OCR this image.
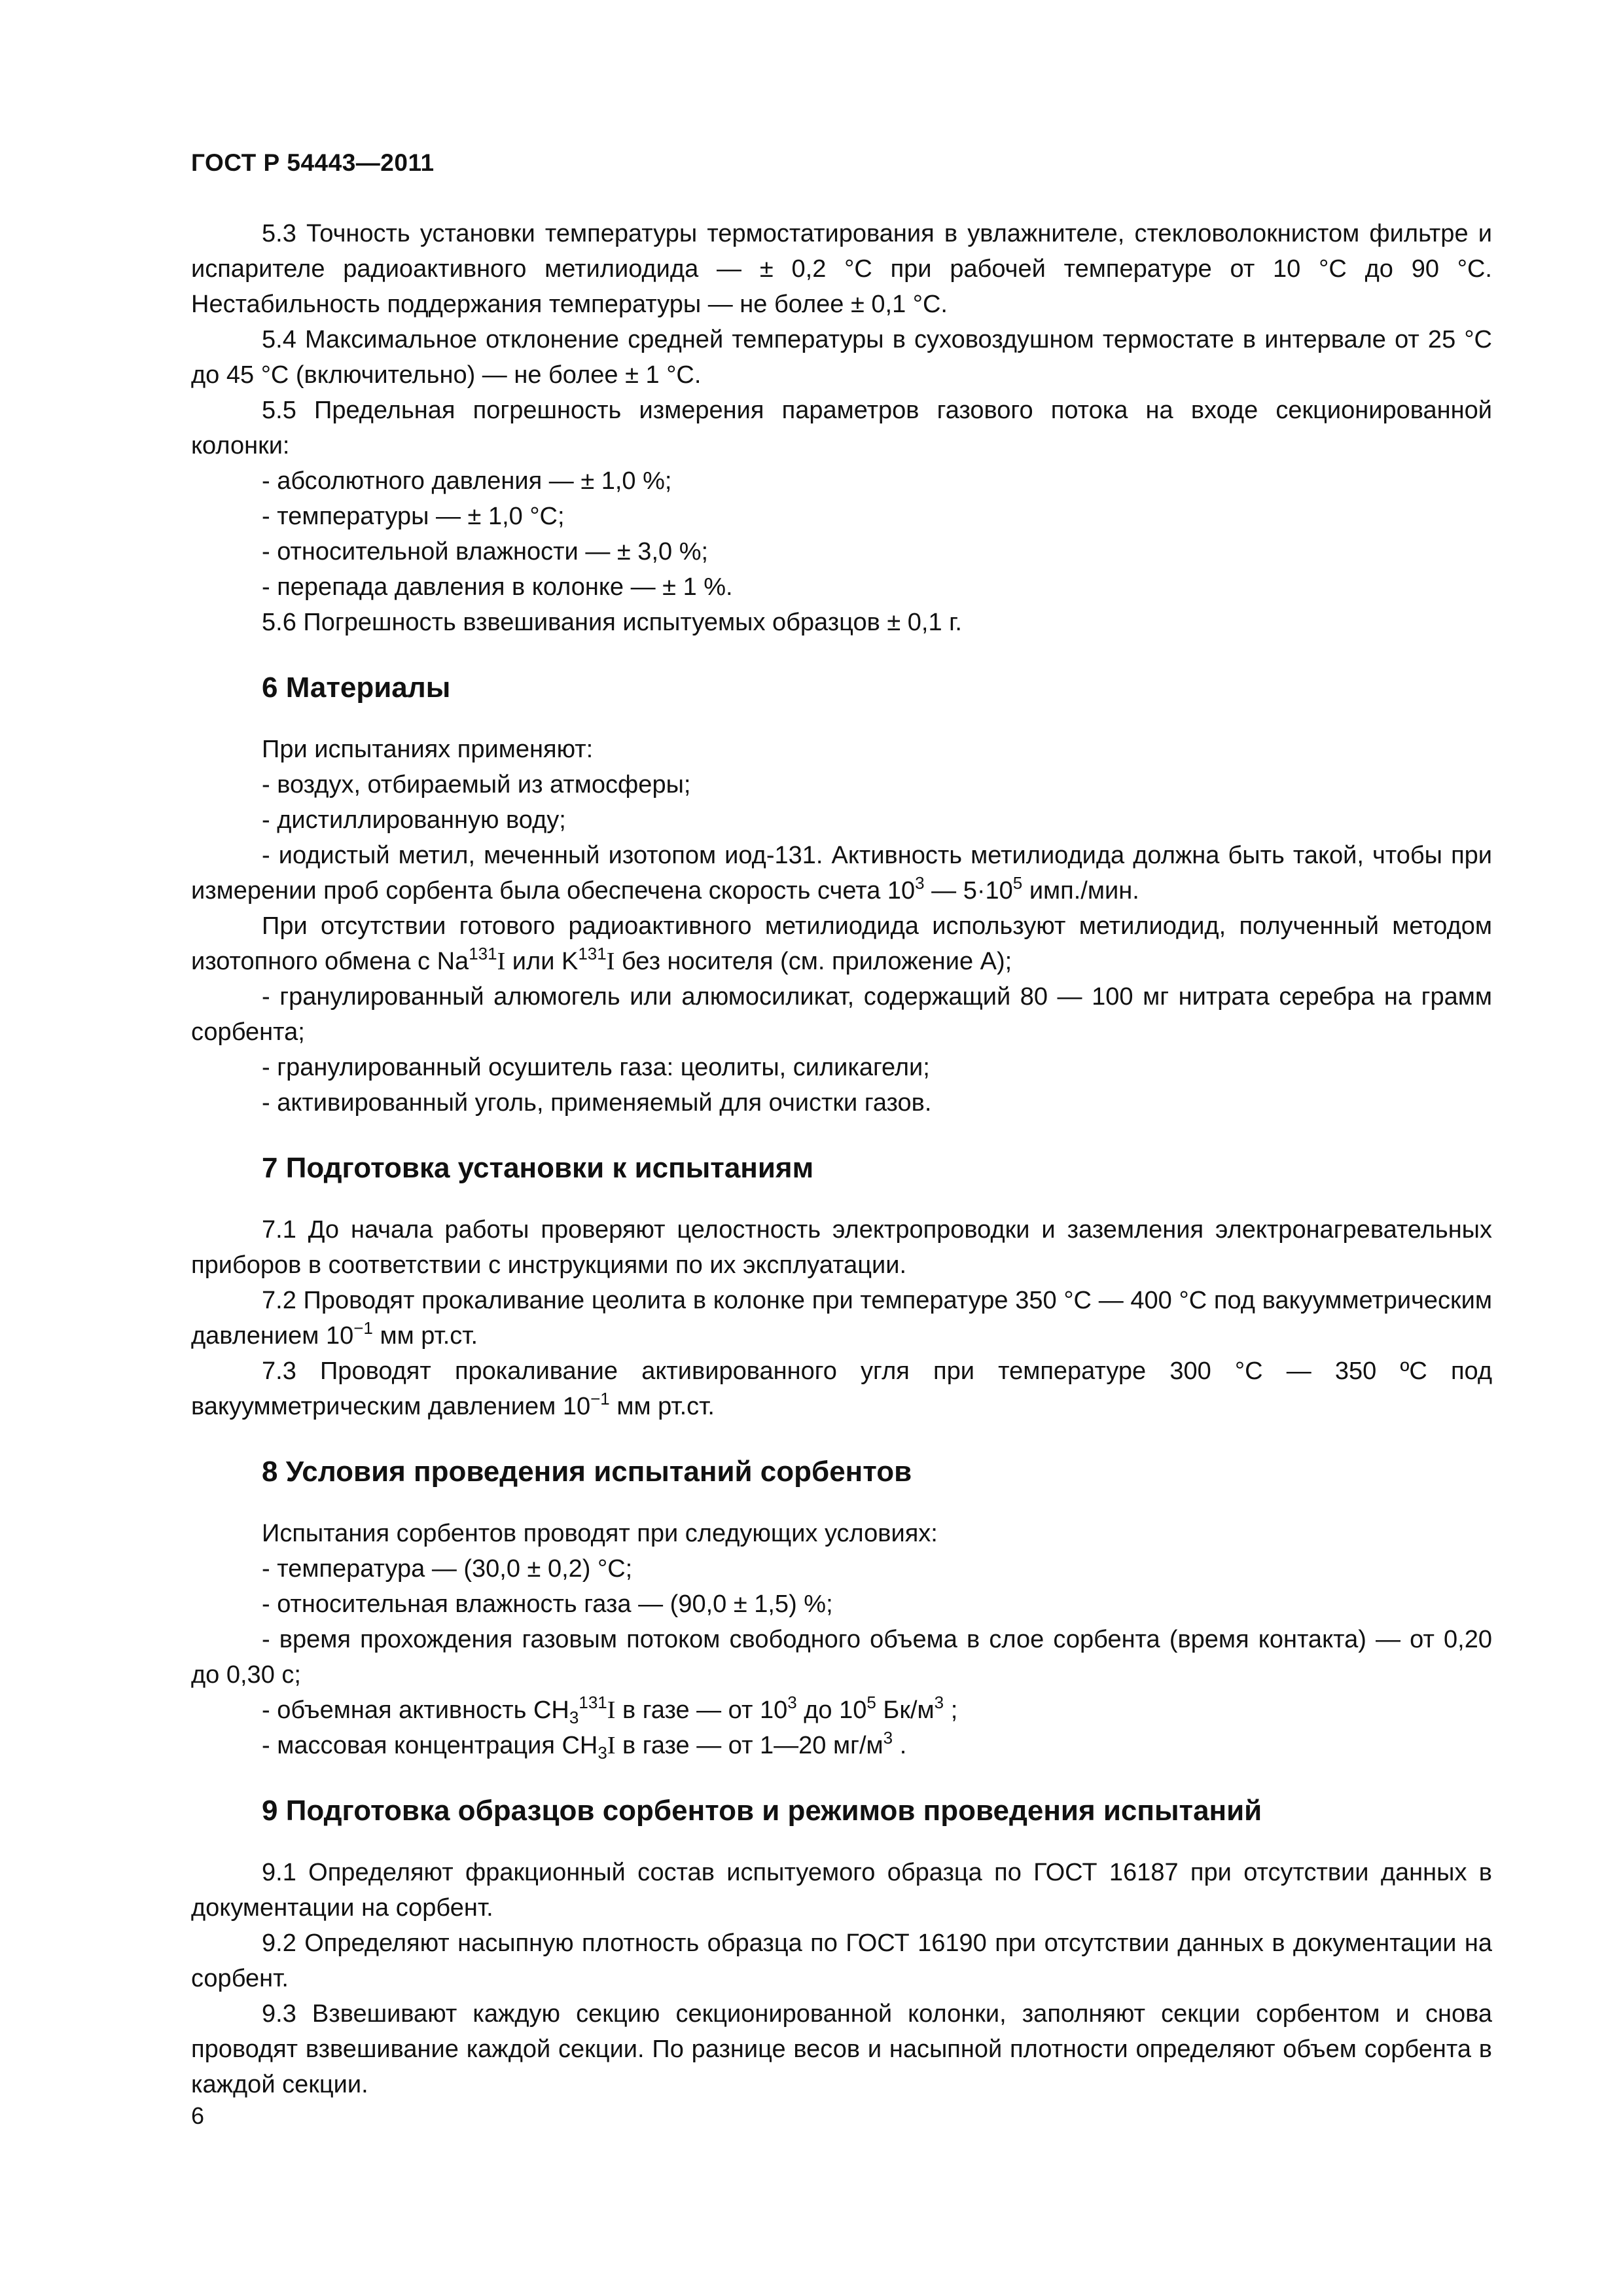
ГОСТ Р 54443—2011

5.3 Точность установки температуры термостатирования в увлажнителе, стекловолокнистом фильтре и испарителе радиоактивного метилиодида — ± 0,2 °С при рабочей температуре от 10 °С до 90 °С. Нестабильность поддержания температуры — не более ± 0,1 °С.

5.4 Максимальное отклонение средней температуры в суховоздушном термостате в интервале от 25 °С до 45 °С (включительно) — не более ± 1 °С.

5.5 Предельная погрешность измерения параметров газового потока на входе секционированной колонки:

- абсолютного давления — ± 1,0 %;

- температуры — ± 1,0 °С;

- относительной влажности — ± 3,0 %;

- перепада давления в колонке — ± 1 %.

5.6 Погрешность взвешивания испытуемых образцов ± 0,1 г.

6 Материалы

При испытаниях применяют:

- воздух, отбираемый из атмосферы;

- дистиллированную воду;

- иодистый метил, меченный изотопом иод-131. Активность метилиодида должна быть такой, чтобы при измерении проб сорбента была обеспечена скорость счета $10^3$ — $5\cdot 10^5$ имп./мин.

При отсутствии готового радиоактивного метилиодида используют метилиодид, полученный методом изотопного обмена с Na$^{131}$I или $K^{131}I$ без носителя (см. приложение А);

- гранулированный алюмогель или алюмосиликат, содержащий 80 — 100 мг нитрата серебра на грамм сорбента;

- гранулированный осушитель газа: цеолиты, силикагели;

- активированный уголь, применяемый для очистки газов.

7 Подготовка установки к испытаниям

7.1 До начала работы проверяют целостность электропроводки и заземления электронагревательных приборов в соответствии с инструкциями по их эксплуатации.

7.2 Проводят прокаливание цеолита в колонке при температуре 350 °С — 400 °С под вакуумметрическим давлением $10^{-1}$ мм рт.ст.

7.3 Проводят прокаливание активированного угля при температуре 300 °С — 350 ºС под вакуумметрическим давлением $10^{-1}$ мм рт.ст.

8 Условия проведения испытаний сорбентов

Испытания сорбентов проводят при следующих условиях:

- температура — (30,0 ± 0,2) °С;

- относительная влажность газа — (90,0 ± 1,5) %;

- время прохождения газовым потоком свободного объема в слое сорбента (время контакта) — от 0,20 до 0,30 с;

- объемная активность $CH_3^{131}I$ в газе — от $10^3$ до $10^5$ $Бк/м^3$ ;

- массовая концентрация $CH_3I$ в газе — от 1—20 $мг/м^3$ .

9 Подготовка образцов сорбентов и режимов проведения испытаний

9.1 Определяют фракционный состав испытуемого образца по ГОСТ 16187 при отсутствии данных в документации на сорбент.

9.2 Определяют насыпную плотность образца по ГОСТ 16190 при отсутствии данных в документации на сорбент.

9.3 Взвешивают каждую секцию секционированной колонки, заполняют секции сорбентом и снова проводят взвешивание каждой секции. По разнице весов и насыпной плотности определяют объем сорбента в каждой секции.

6
